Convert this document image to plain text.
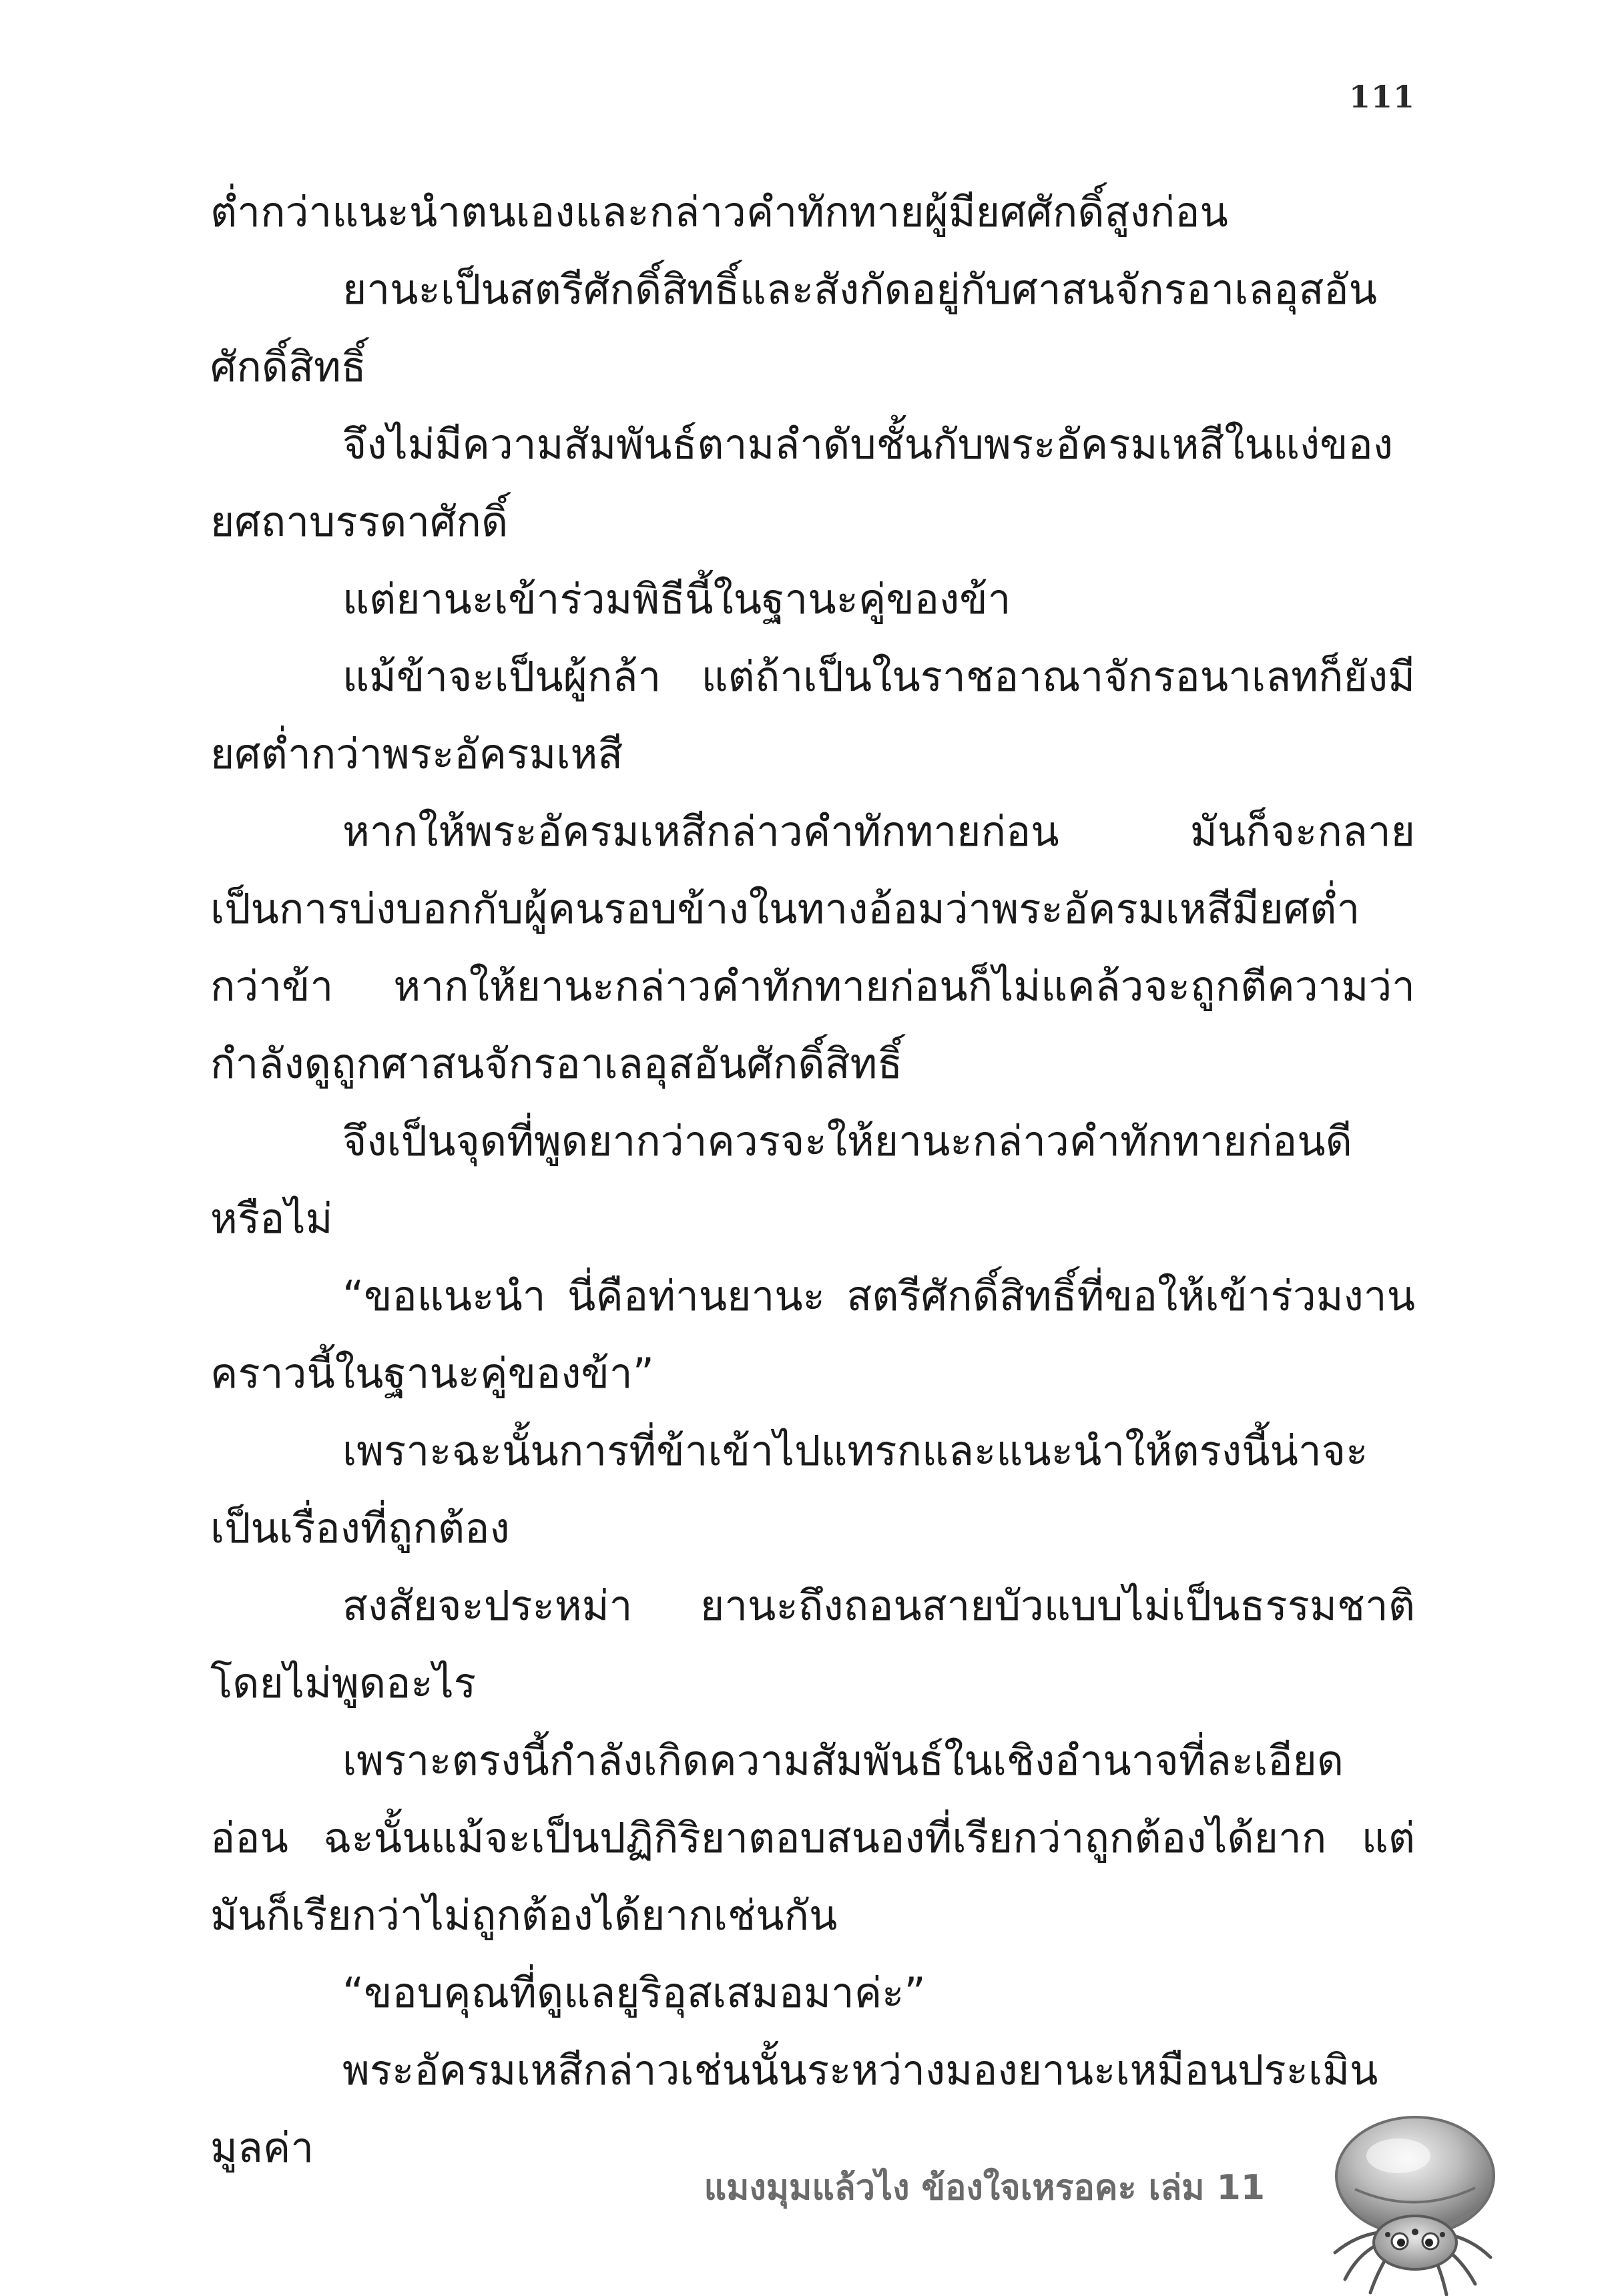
111

ต่ำกว่าแนะนำตนเองและกล่าวคำทักทายผู้มียศศักดิ์สูงก่อน

ยานะเป็นสตรีศักดิ์สิทธิ์และสังกัดอยู่กับศาสนจักรอาเลอุสอันศักดิ์สิทธิ์

จึงไม่มีความสัมพันธ์ตามลำดับชั้นกับพระอัครมเหสีในแง่ของยศถาบรรดาศักดิ์

แต่ยานะเข้าร่วมพิธีนี้ในฐานะคู่ของข้า

แม้ข้าจะเป็นผู้กล้า แต่ถ้าเป็นในราชอาณาจักรอนาเลทก็ยังมียศต่ำกว่าพระอัครมเหสี

หากให้พระอัครมเหสีกล่าวคำทักทายก่อน มันก็จะกลายเป็นการบ่งบอกกับผู้คนรอบข้างในทางอ้อมว่าพระอัครมเหสีมียศต่ำกว่าข้า หากให้ยานะกล่าวคำทักทายก่อนก็ไม่แคล้วจะถูกตีความว่ากำลังดูถูกศาสนจักรอาเลอุสอันศักดิ์สิทธิ์

จึงเป็นจุดที่พูดยากว่าควรจะให้ยานะกล่าวคำทักทายก่อนดีหรือไม่

“ขอแนะนำ นี่คือท่านยานะ สตรีศักดิ์สิทธิ์ที่ขอให้เข้าร่วมงานคราวนี้ในฐานะคู่ของข้า”

เพราะฉะนั้นการที่ข้าเข้าไปแทรกและแนะนำให้ตรงนี้น่าจะเป็นเรื่องที่ถูกต้อง

สงสัยจะประหม่า ยานะถึงถอนสายบัวแบบไม่เป็นธรรมชาติโดยไม่พูดอะไร

เพราะตรงนี้กำลังเกิดความสัมพันธ์ในเชิงอำนาจที่ละเอียดอ่อน ฉะนั้นแม้จะเป็นปฏิกิริยาตอบสนองที่เรียกว่าถูกต้องได้ยาก แต่มันก็เรียกว่าไม่ถูกต้องได้ยากเช่นกัน

“ขอบคุณที่ดูแลยูริอุสเสมอมาค่ะ”

พระอัครมเหสีกล่าวเช่นนั้นระหว่างมองยานะเหมือนประเมินมูลค่า

แมงมุมแล้วไง ข้องใจเหรอคะ เล่ม 11
